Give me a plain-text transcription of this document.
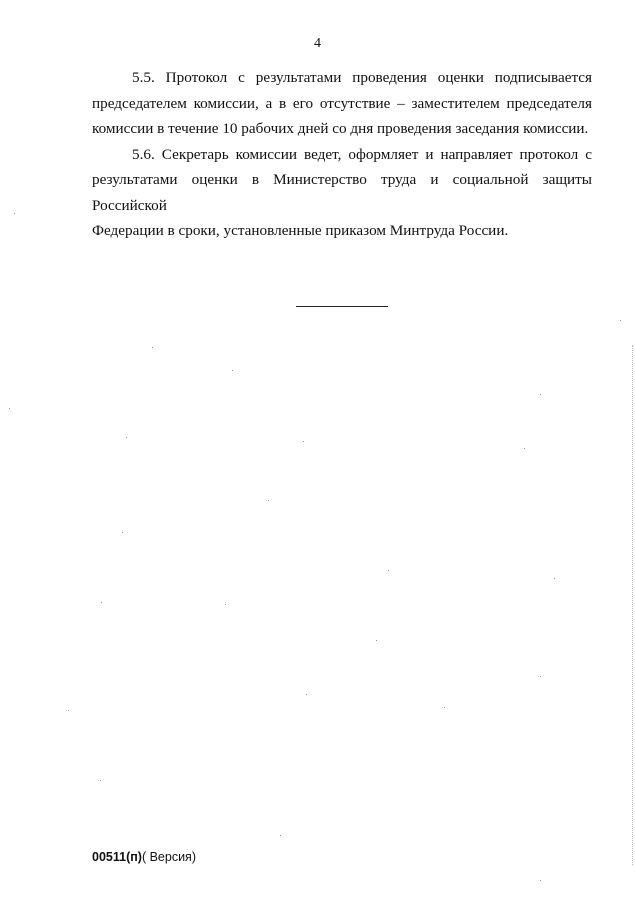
4

5.5. Протокол с результатами проведения оценки подписывается
председателем комиссии, а в его отсутствие – заместителем председателя
комиссии в течение 10 рабочих дней со дня проведения заседания комиссии.

5.6. Секретарь комиссии ведет, оформляет и направляет протокол с
результатами оценки в Министерство труда и социальной защиты Российской
Федерации в сроки, установленные приказом Минтруда России.

00511(п)( Версия)
